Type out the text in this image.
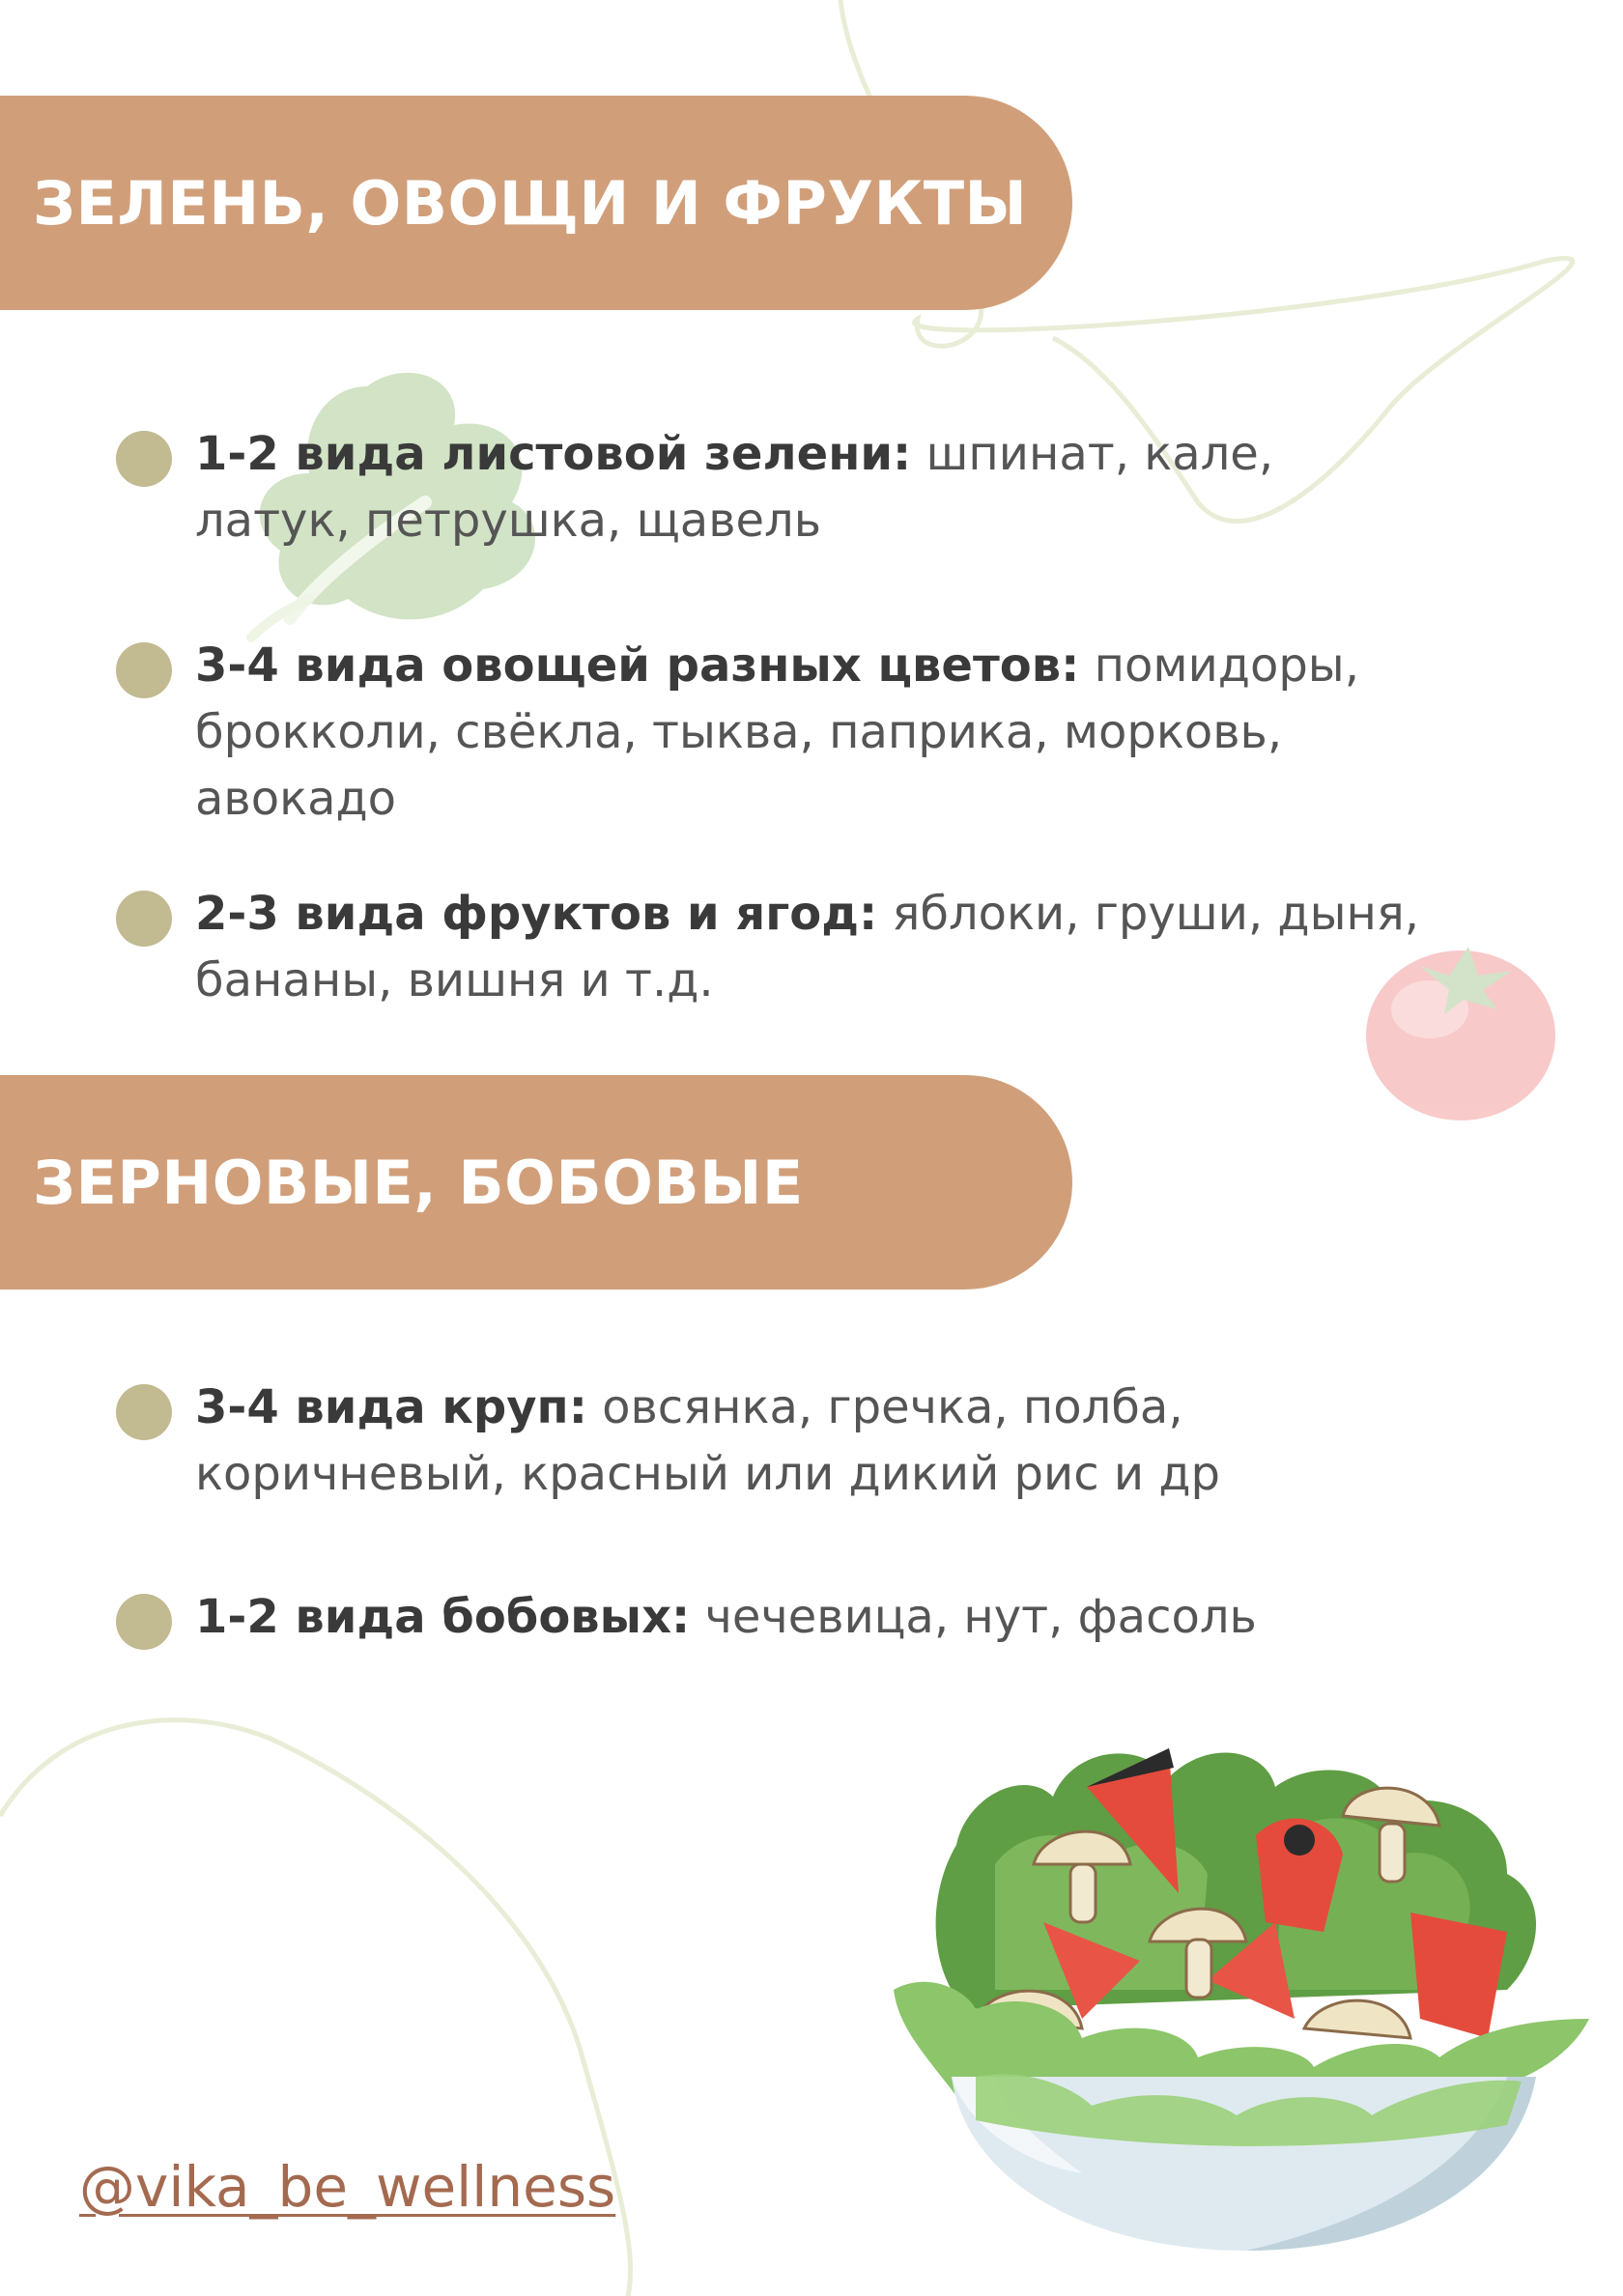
ЗЕЛЕНЬ, ОВОЩИ И ФРУКТЫ
1-2 вида листовой зелени: шпинат, кале, латук, петрушка, щавель
3-4 вида овощей разных цветов: помидоры, брокколи, свёкла, тыква, паприка, морковь, авокадо
2-3 вида фруктов и ягод: яблоки, груши, дыня, бананы, вишня и т.д.
ЗЕРНОВЫЕ, БОБОВЫЕ
3-4 вида круп: овсянка, гречка, полба, коричневый, красный или дикий рис и др
1-2 вида бобовых: чечевица, нут, фасоль
@vika_be_wellness
